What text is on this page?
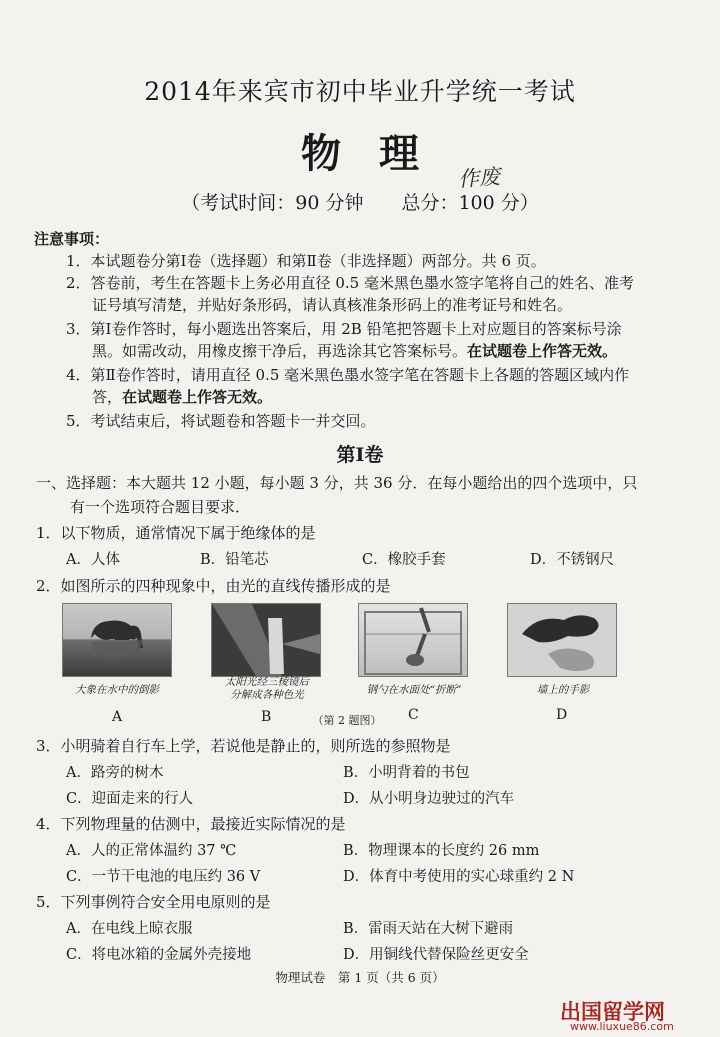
2014年来宾市初中毕业升学统一考试
物理
作废
（考试时间：90 分钟　　总分：100 分）
注意事项：
1．本试题卷分第Ⅰ卷（选择题）和第Ⅱ卷（非选择题）两部分。共 6 页。
2．答卷前，考生在答题卡上务必用直径 0.5 毫米黑色墨水签字笔将自己的姓名、准考
证号填写清楚，并贴好条形码，请认真核准条形码上的准考证号和姓名。
3．第Ⅰ卷作答时，每小题选出答案后，用 2B 铅笔把答题卡上对应题目的答案标号涂
黑。如需改动，用橡皮擦干净后，再选涂其它答案标号。在试题卷上作答无效。
4．第Ⅱ卷作答时，请用直径 0.5 毫米黑色墨水签字笔在答题卡上各题的答题区域内作
答，在试题卷上作答无效。
5．考试结束后，将试题卷和答题卡一并交回。
第Ⅰ卷
一、选择题：本大题共 12 小题，每小题 3 分，共 36 分．在每小题给出的四个选项中，只
有一个选项符合题目要求．
1．以下物质，通常情况下属于绝缘体的是
A．人体	B．铅笔芯	C．橡胶手套	D．不锈钢尺
2．如图所示的四种现象中，由光的直线传播形成的是
大象在水中的倒影
A
太阳光经三棱镜后
分解成各种色光
B
钢勺在水面处“折断”
C
墙上的手影
D
（第 2 题图）
3．小明骑着自行车上学，若说他是静止的，则所选的参照物是
A．路旁的树木	B．小明背着的书包
C．迎面走来的行人	D．从小明身边驶过的汽车
4．下列物理量的估测中，最接近实际情况的是
A．人的正常体温约 37 ℃	B．物理课本的长度约 26 mm
C．一节干电池的电压约 36 V	D．体育中考使用的实心球重约 2 N
5．下列事例符合安全用电原则的是
A．在电线上晾衣服	B．雷雨天站在大树下避雨
C．将电冰箱的金属外壳接地	D．用铜线代替保险丝更安全
物理试卷　第 1 页（共 6 页）
出国留学网
www.liuxue86.com
